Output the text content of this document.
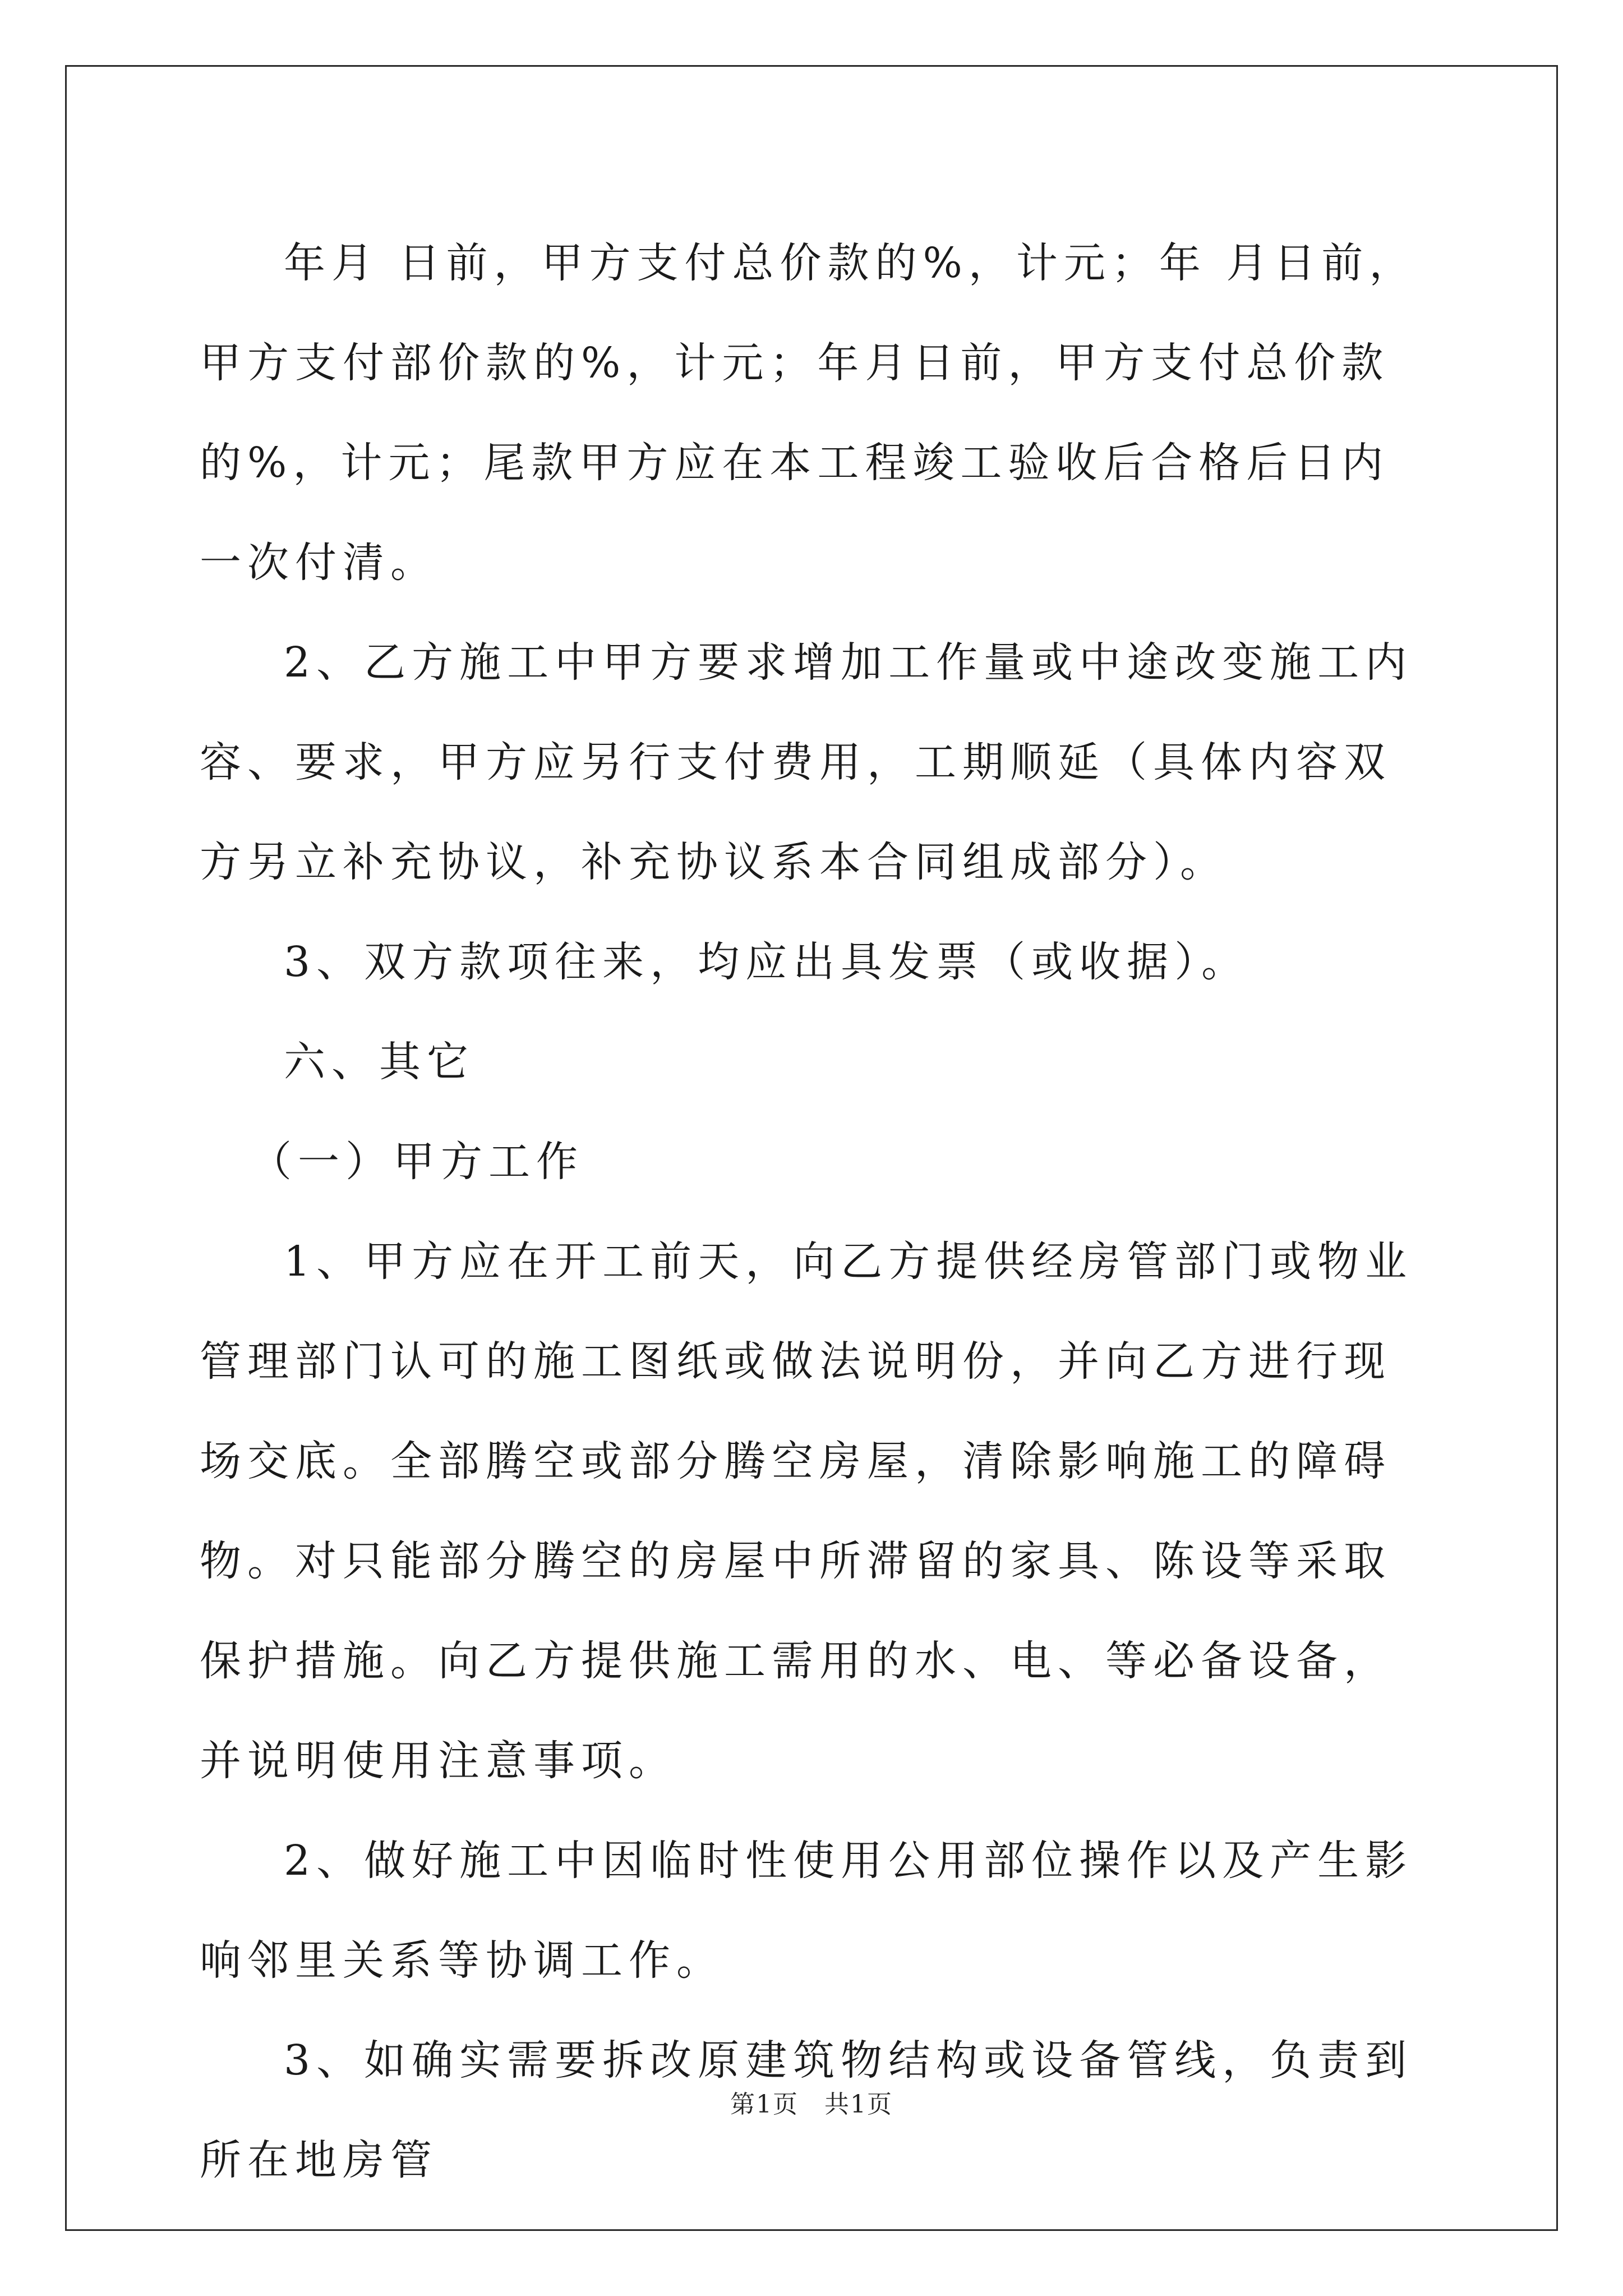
年月 日前，甲方支付总价款的%，计元；年 月日前，甲方支付部价款的%，计元；年月日前，甲方支付总价款的%，计元；尾款甲方应在本工程竣工验收后合格后日内一次付清。

2、乙方施工中甲方要求增加工作量或中途改变施工内容、要求，甲方应另行支付费用，工期顺延（具体内容双方另立补充协议，补充协议系本合同组成部分）。

3、双方款项往来，均应出具发票（或收据）。

六、其它

（一）甲方工作

1、甲方应在开工前天，向乙方提供经房管部门或物业管理部门认可的施工图纸或做法说明份，并向乙方进行现场交底。全部腾空或部分腾空房屋，清除影响施工的障碍物。对只能部分腾空的房屋中所滞留的家具、陈设等采取保护措施。向乙方提供施工需用的水、电、等必备设备，并说明使用注意事项。

2、做好施工中因临时性使用公用部位操作以及产生影响邻里关系等协调工作。

3、如确实需要拆改原建筑物结构或设备管线，负责到所在地房管

第1页　共1页
